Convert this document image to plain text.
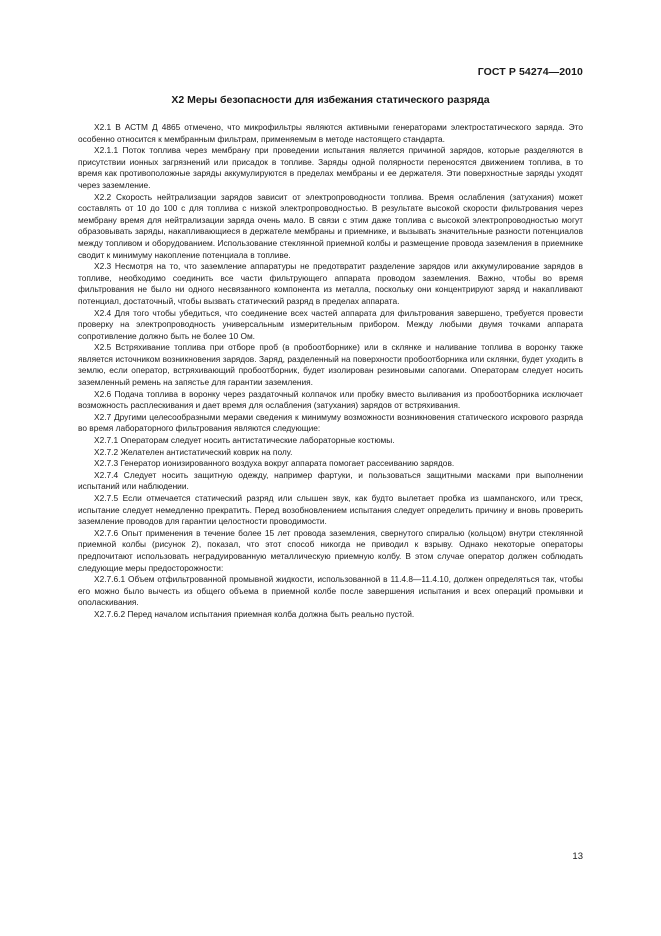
ГОСТ Р 54274—2010
X2 Меры безопасности для избежания статического разряда

X2.1 В АСТМ Д 4865 отмечено, что микрофильтры являются активными генераторами электростатического заряда. Это особенно относится к мембранным фильтрам, применяемым в методе настоящего стандарта.

X2.1.1 Поток топлива через мембрану при проведении испытания является причиной зарядов, которые разделяются в присутствии ионных загрязнений или присадок в топливе. Заряды одной полярности переносятся движением топлива, в то время как противоположные заряды аккумулируются в пределах мембраны и ее держателя. Эти поверхностные заряды уходят через заземление.

X2.2 Скорость нейтрализации зарядов зависит от электропроводности топлива. Время ослабления (затухания) может составлять от 10 до 100 с для топлива с низкой электропроводностью. В результате высокой скорости фильтрования через мембрану время для нейтрализации заряда очень мало. В связи с этим даже топлива с высокой электропроводностью могут образовывать заряды, накапливающиеся в держателе мембраны и приемнике, и вызывать значительные разности потенциалов между топливом и оборудованием. Использование стеклянной приемной колбы и размещение провода заземления в приемнике сводит к минимуму накопление потенциала в топливе.

X2.3 Несмотря на то, что заземление аппаратуры не предотвратит разделение зарядов или аккумулирование зарядов в топливе, необходимо соединить все части фильтрующего аппарата проводом заземления. Важно, чтобы во время фильтрования не было ни одного несвязанного компонента из металла, поскольку они концентрируют заряд и накапливают потенциал, достаточный, чтобы вызвать статический разряд в пределах аппарата.

X2.4 Для того чтобы убедиться, что соединение всех частей аппарата для фильтрования завершено, требуется провести проверку на электропроводность универсальным измерительным прибором. Между любыми двумя точками аппарата сопротивление должно быть не более 10 Ом.

X2.5 Встряхивание топлива при отборе проб (в пробоотборнике) или в склянке и наливание топлива в воронку также является источником возникновения зарядов. Заряд, разделенный на поверхности пробоотборника или склянки, будет уходить в землю, если оператор, встряхивающий пробоотборник, будет изолирован резиновыми сапогами. Операторам следует носить заземленный ремень на запястье для гарантии заземления.

X2.6 Подача топлива в воронку через раздаточный колпачок или пробку вместо выливания из пробоотборника исключает возможность расплескивания и дает время для ослабления (затухания) зарядов от встряхивания.

X2.7 Другими целесообразными мерами сведения к минимуму возможности возникновения статического искрового разряда во время лабораторного фильтрования являются следующие:

X2.7.1 Операторам следует носить антистатические лабораторные костюмы.

X2.7.2 Желателен антистатический коврик на полу.

X2.7.3 Генератор ионизированного воздуха вокруг аппарата помогает рассеиванию зарядов.

X2.7.4 Следует носить защитную одежду, например фартуки, и пользоваться защитными масками при выполнении испытаний или наблюдении.

X2.7.5 Если отмечается статический разряд или слышен звук, как будто вылетает пробка из шампанского, или треск, испытание следует немедленно прекратить. Перед возобновлением испытания следует определить причину и вновь проверить заземление проводов для гарантии целостности проводимости.

X2.7.6 Опыт применения в течение более 15 лет провода заземления, свернутого спиралью (кольцом) внутри стеклянной приемной колбы (рисунок 2), показал, что этот способ никогда не приводил к взрыву. Однако некоторые операторы предпочитают использовать неградуированную металлическую приемную колбу. В этом случае оператор должен соблюдать следующие меры предосторожности:

X2.7.6.1 Объем отфильтрованной промывной жидкости, использованной в 11.4.8—11.4.10, должен определяться так, чтобы его можно было вычесть из общего объема в приемной колбе после завершения испытания и всех операций промывки и ополаскивания.

X2.7.6.2 Перед началом испытания приемная колба должна быть реально пустой.

13
